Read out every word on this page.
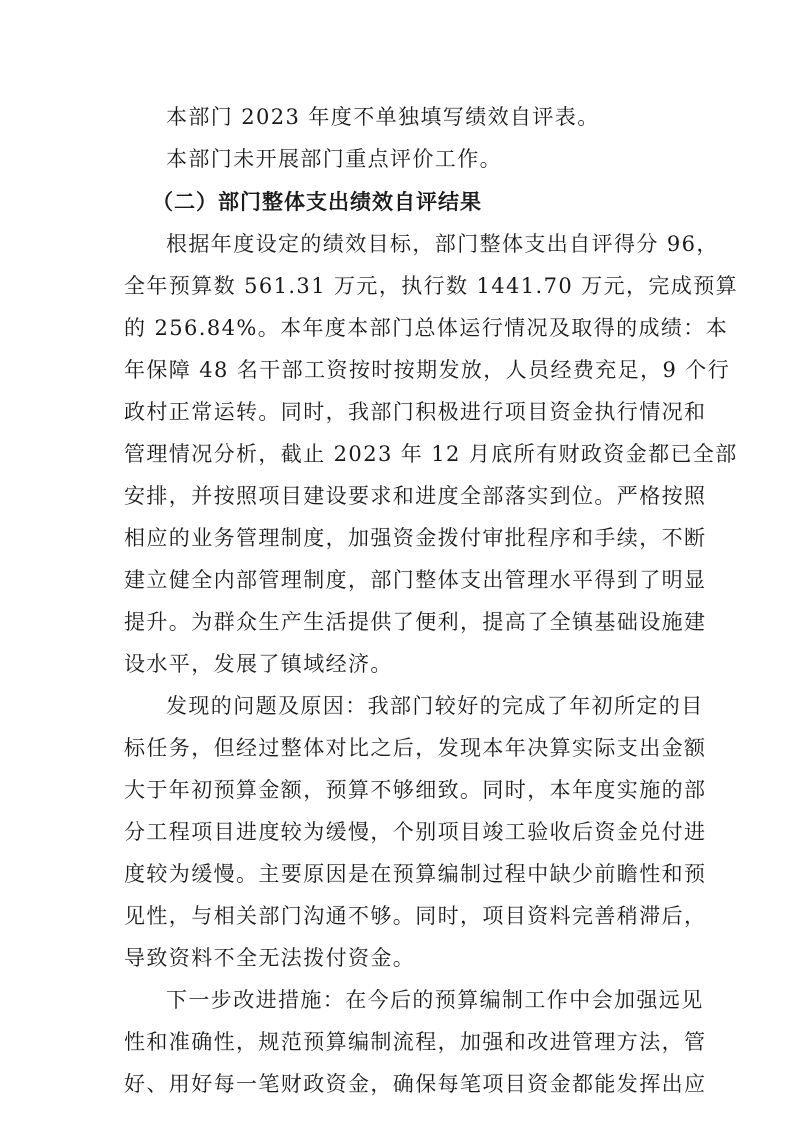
本部门 2023 年度不单独填写绩效自评表。
本部门未开展部门重点评价工作。
（二）部门整体支出绩效自评结果
根据年度设定的绩效目标，部门整体支出自评得分 96，
全年预算数 561.31 万元，执行数 1441.70 万元，完成预算
的 256.84%。本年度本部门总体运行情况及取得的成绩：本
年保障 48 名干部工资按时按期发放，人员经费充足，9 个行
政村正常运转。同时，我部门积极进行项目资金执行情况和
管理情况分析，截止 2023 年 12 月底所有财政资金都已全部
安排，并按照项目建设要求和进度全部落实到位。严格按照
相应的业务管理制度，加强资金拨付审批程序和手续，不断
建立健全内部管理制度，部门整体支出管理水平得到了明显
提升。为群众生产生活提供了便利，提高了全镇基础设施建
设水平，发展了镇域经济。
发现的问题及原因：我部门较好的完成了年初所定的目
标任务，但经过整体对比之后，发现本年决算实际支出金额
大于年初预算金额，预算不够细致。同时，本年度实施的部
分工程项目进度较为缓慢，个别项目竣工验收后资金兑付进
度较为缓慢。主要原因是在预算编制过程中缺少前瞻性和预
见性，与相关部门沟通不够。同时，项目资料完善稍滞后，
导致资料不全无法拨付资金。
下一步改进措施：在今后的预算编制工作中会加强远见
性和准确性，规范预算编制流程，加强和改进管理方法，管
好、用好每一笔财政资金，确保每笔项目资金都能发挥出应
